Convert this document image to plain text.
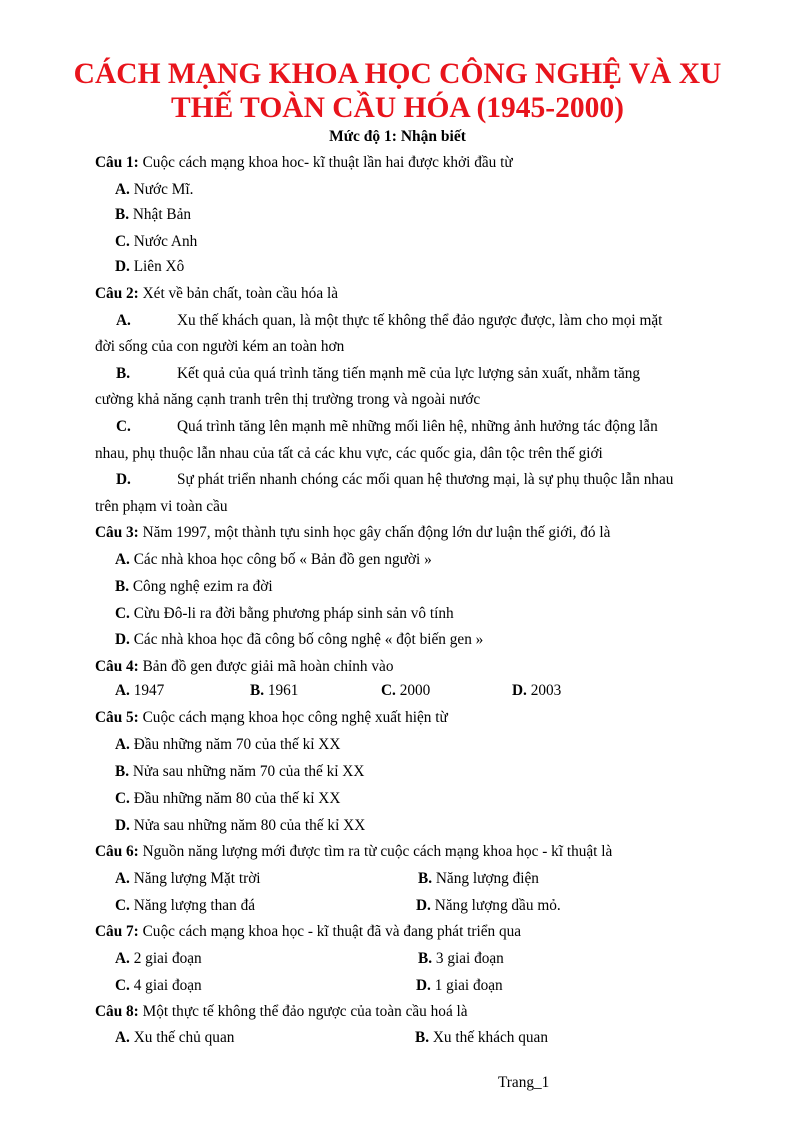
CÁCH MẠNG KHOA HỌC CÔNG NGHỆ VÀ XU
THẾ TOÀN CẦU HÓA (1945-2000)
Mức độ 1: Nhận biết
Câu 1: Cuộc cách mạng khoa hoc- kĩ thuật lần hai được khởi đầu từ
A. Nước Mĩ.
B. Nhật Bản
C. Nước Anh
D. Liên Xô
Câu 2: Xét về bản chất, toàn cầu hóa là
A.	Xu thế khách quan, là một thực tế không thể đảo ngược được, làm cho mọi mặt
đời sống của con người kém an toàn hơn
B.	Kết quả của quá trình tăng tiến mạnh mẽ của lực lượng sản xuất, nhằm tăng
cường khả năng cạnh tranh trên thị trường trong và ngoài nước
C.	Quá trình tăng lên mạnh mẽ những mối liên hệ, những ảnh hưởng tác động lẫn
nhau, phụ thuộc lẫn nhau của tất cả các khu vực, các quốc gia, dân tộc trên thế giới
D.	Sự phát triển nhanh chóng các mối quan hệ thương mại, là sự phụ thuộc lẫn nhau
trên phạm vi toàn cầu
Câu 3: Năm 1997, một thành tựu sinh học gây chấn động lớn dư luận thế giới, đó là
A. Các nhà khoa học công bố « Bản đồ gen người »
B. Công nghệ ezim ra đời
C. Cừu Đô-li ra đời bằng phương pháp sinh sản vô tính
D. Các nhà khoa học đã công bố công nghệ « đột biến gen »
Câu 4: Bản đồ gen được giải mã hoàn chỉnh vào
A. 1947	B. 1961	C. 2000	D. 2003
Câu 5: Cuộc cách mạng khoa học công nghệ xuất hiện từ
A. Đầu những năm 70 của thế kỉ XX
B. Nửa sau những năm 70 của thế kỉ XX
C. Đầu những năm 80 của thế kỉ XX
D. Nửa sau những năm 80 của thế kỉ XX
Câu 6: Nguồn năng lượng mới được tìm ra từ cuộc cách mạng khoa học - kĩ thuật là
A. Năng lượng Mặt trời	B. Năng lượng điện
C. Năng lượng than đá	D. Năng lượng dầu mỏ.
Câu 7: Cuộc cách mạng khoa học - kĩ thuật đã và đang phát triển qua
A. 2 giai đoạn	B. 3 giai đoạn
C. 4 giai đoạn	D. 1 giai đoạn
Câu 8: Một thực tế không thể đảo ngược của toàn cầu hoá là
A. Xu thế chủ quan	B. Xu thế khách quan
Trang_1
